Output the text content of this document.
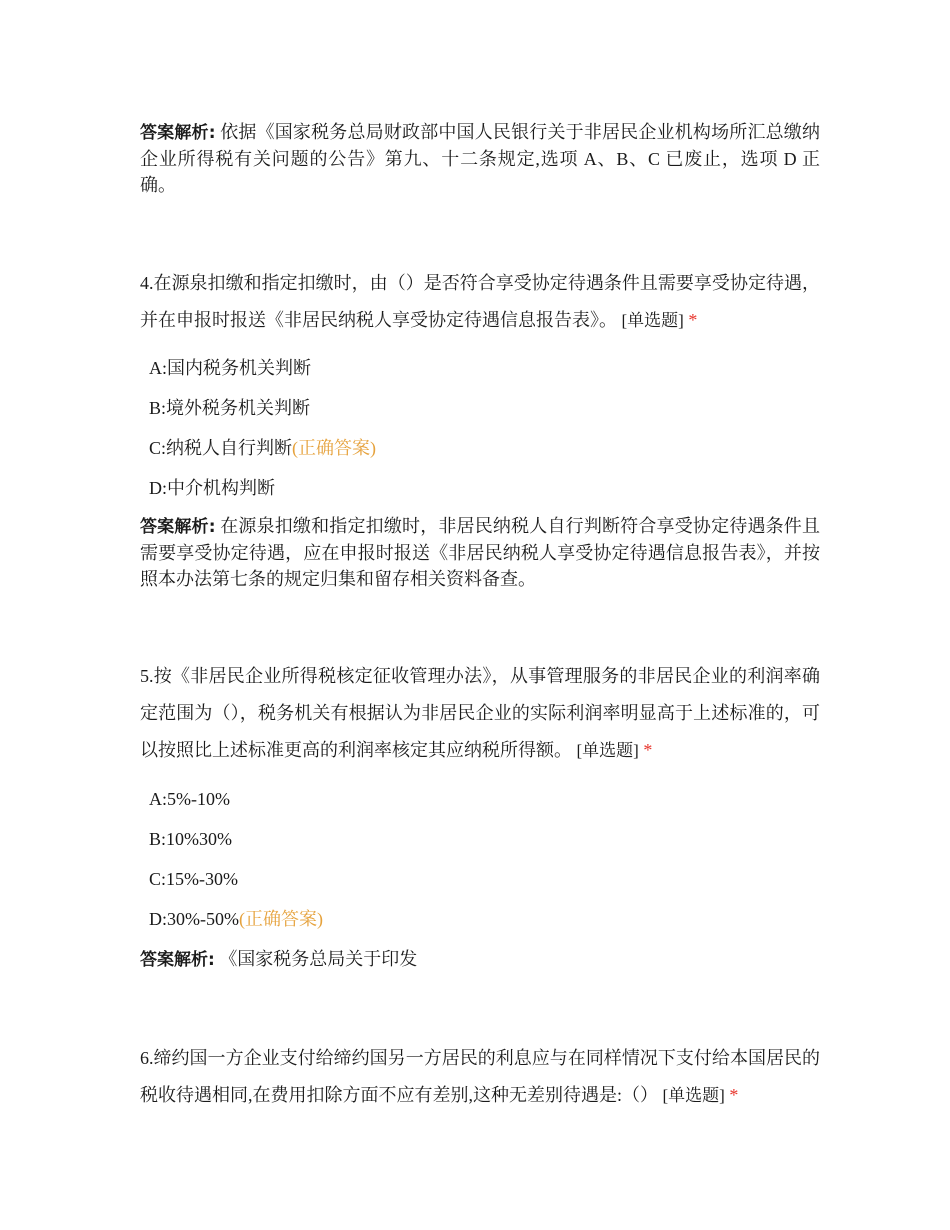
答案解析: 依据《国家税务总局财政部中国人民银行关于非居民企业机构场所汇总缴纳企业所得税有关问题的公告》第九、十二条规定,选项 A、B、C 已废止，选项 D 正确。
4.在源泉扣缴和指定扣缴时，由（）是否符合享受协定待遇条件且需要享受协定待遇，并在申报时报送《非居民纳税人享受协定待遇信息报告表》。 [单选题] *
A:国内税务机关判断
B:境外税务机关判断
C:纳税人自行判断(正确答案)
D:中介机构判断
答案解析: 在源泉扣缴和指定扣缴时，非居民纳税人自行判断符合享受协定待遇条件且需要享受协定待遇，应在申报时报送《非居民纳税人享受协定待遇信息报告表》，并按照本办法第七条的规定归集和留存相关资料备查。
5.按《非居民企业所得税核定征收管理办法》，从事管理服务的非居民企业的利润率确定范围为（），税务机关有根据认为非居民企业的实际利润率明显高于上述标准的，可以按照比上述标准更高的利润率核定其应纳税所得额。 [单选题] *
A:5%-10%
B:10%30%
C:15%-30%
D:30%-50%(正确答案)
答案解析: 《国家税务总局关于印发
6.缔约国一方企业支付给缔约国另一方居民的利息应与在同样情况下支付给本国居民的税收待遇相同,在费用扣除方面不应有差别,这种无差别待遇是:（） [单选题] *
